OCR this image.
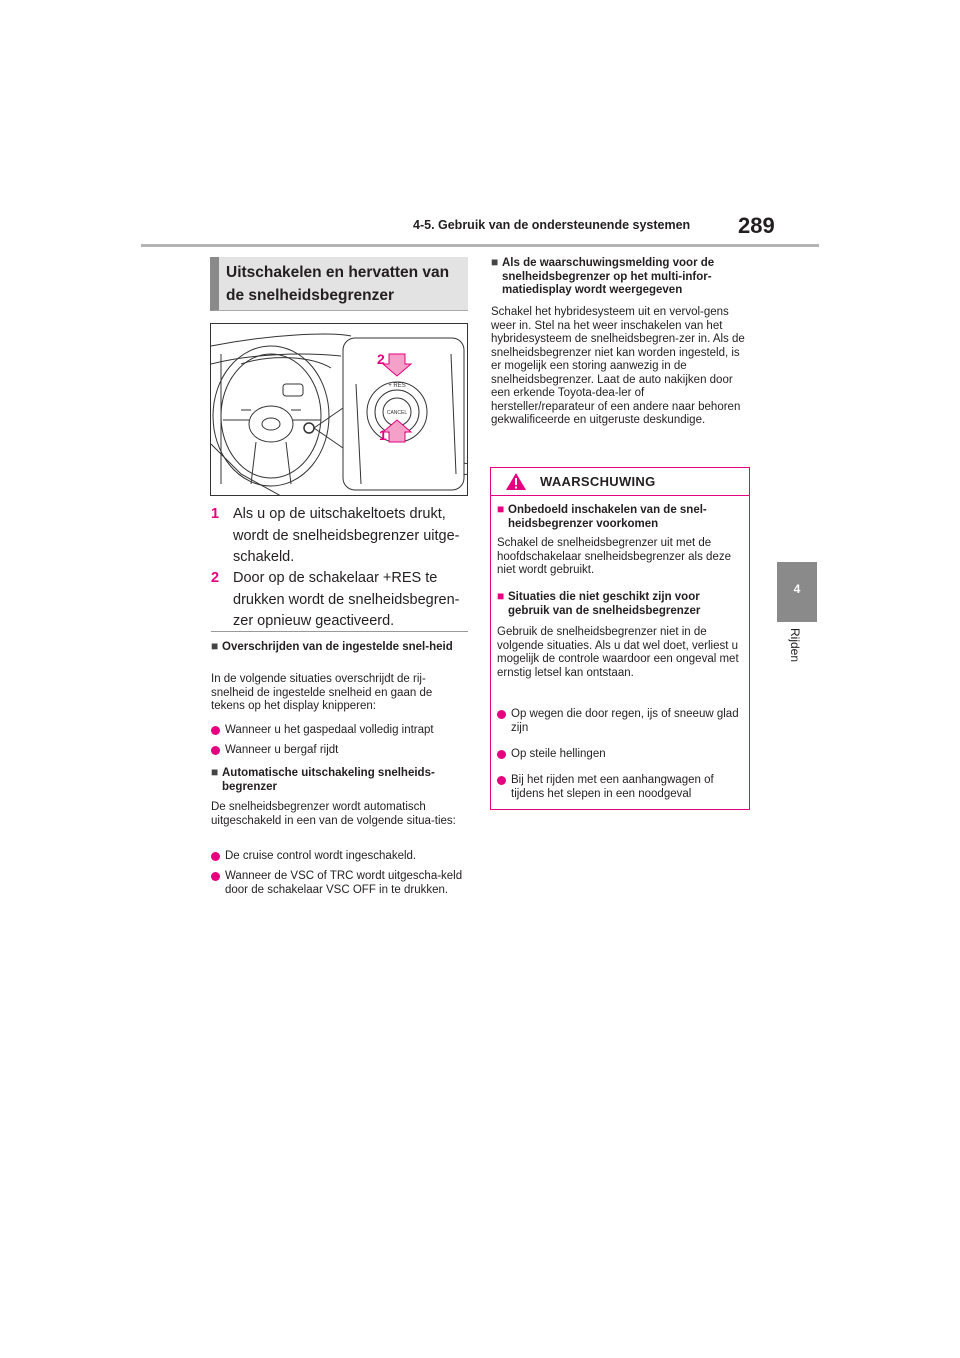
4-5. Gebruik van de ondersteunende systemen 289
4
Rijden
Uitschakelen en hervatten van de snelheidsbegrenzer
+ RES
CANCEL
2
1
1 Als u op de uitschakeltoets drukt, wordt de snelheidsbegrenzer uitge-schakeld.
2 Door op de schakelaar +RES te drukken wordt de snelheidsbegren-zer opnieuw geactiveerd.
■ Overschrijden van de ingestelde snel-heid
In de volgende situaties overschrijdt de rij-snelheid de ingestelde snelheid en gaan de tekens op het display knipperen:
Wanneer u het gaspedaal volledig intrapt
Wanneer u bergaf rijdt
■ Automatische uitschakeling snelheids-begrenzer
De snelheidsbegrenzer wordt automatisch uitgeschakeld in een van de volgende situa-ties:
De cruise control wordt ingeschakeld.
Wanneer de VSC of TRC wordt uitgescha-keld door de schakelaar VSC OFF in te drukken.
■ Als de waarschuwingsmelding voor de snelheidsbegrenzer op het multi-infor-matiedisplay wordt weergegeven
Schakel het hybridesysteem uit en vervol-gens weer in. Stel na het weer inschakelen van het hybridesysteem de snelheidsbegren-zer in. Als de snelheidsbegrenzer niet kan worden ingesteld, is er mogelijk een storing aanwezig in de snelheidsbegrenzer. Laat de auto nakijken door een erkende Toyota-dea-ler of hersteller/reparateur of een andere naar behoren gekwalificeerde en uitgeruste deskundige.
WAARSCHUWING
■ Onbedoeld inschakelen van de snel-heidsbegrenzer voorkomen
Schakel de snelheidsbegrenzer uit met de hoofdschakelaar snelheidsbegrenzer als deze niet wordt gebruikt.
■ Situaties die niet geschikt zijn voor gebruik van de snelheidsbegrenzer
Gebruik de snelheidsbegrenzer niet in de volgende situaties. Als u dat wel doet, verliest u mogelijk de controle waardoor een ongeval met ernstig letsel kan ontstaan.
Op wegen die door regen, ijs of sneeuw glad zijn
Op steile hellingen
Bij het rijden met een aanhangwagen of tijdens het slepen in een noodgeval
